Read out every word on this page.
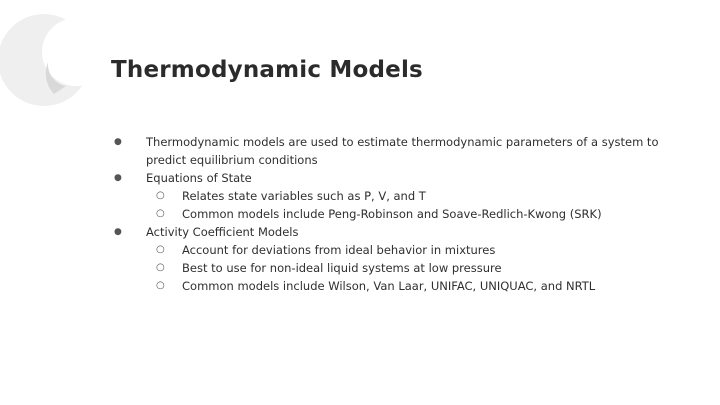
Thermodynamic Models
● Thermodynamic models are used to estimate thermodynamic parameters of a system to predict equilibrium conditions
● Equations of State
○ Relates state variables such as P, V, and T
○ Common models include Peng-Robinson and Soave-Redlich-Kwong (SRK)
● Activity Coefficient Models
○ Account for deviations from ideal behavior in mixtures
○ Best to use for non-ideal liquid systems at low pressure
○ Common models include Wilson, Van Laar, UNIFAC, UNIQUAC, and NRTL
